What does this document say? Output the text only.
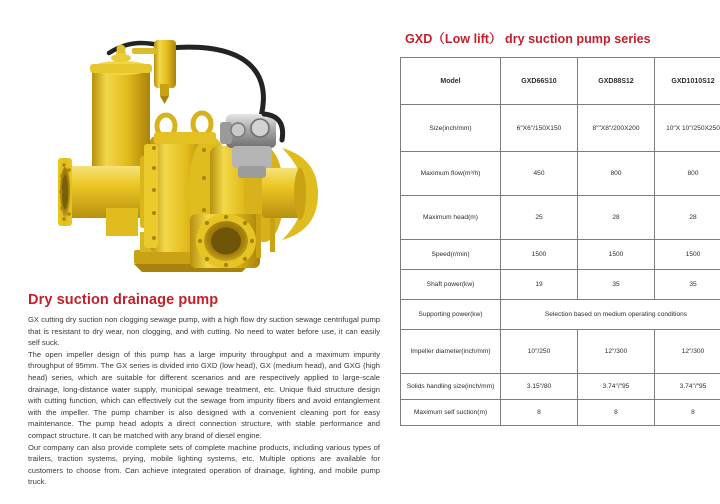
Dry suction drainage pump

GX cutting dry suction non clogging sewage pump, with a high flow dry suction sewage centrifugal pump that is resistant to dry wear, non clogging, and with cutting. No need to water before use, it can easily self suck.

The open impeller design of this pump has a large impurity throughput and a maximum impurity throughput of 95mm. The GX series is divided into GXD (low head), GX (medium head), and GXG (high head) series, which are suitable for different scenarios and are respectively applied to large-scale drainage, long-distance water supply, municipal sewage treatment, etc. Unique fluid structure design with cutting function, which can effectively cut the sewage from impurity fibers and avoid entanglement with the impeller. The pump chamber is also designed with a convenient cleaning port for easy maintenance. The pump head adopts a direct connection structure, with stable performance and compact structure. It can be matched with any brand of diesel engine.

Our company can also provide complete sets of complete machine products, including various types of trailers, traction systems, prying, mobile lighting systems, etc. Multiple options are available for customers to choose from. Can achieve integrated operation of drainage, lighting, and mobile pump truck.

GXD（Low lift） dry suction pump series
Model	GXD66S10	GXD88S12	GXD1010S12
Size(inch/mm)	6″X6″/150X150	8″″X8″/200X200	10″X 10″/250X250
Maximum flow(m³/h)	450	800	800
Maximum head(m)	25	28	28
Speed(r/min)	1500	1500	1500
Shaft power(kw)	19	35	35
Supporting power(kw)	Selection based on medium operating conditions		
Impeller diameter(inch/mm)	10″/250	12″/300	12″/300
Solids handling size(inch/mm)	3.15″/80	3.74″/″95	3.74″/″95
Maximum self suction(m)	8	8	8
